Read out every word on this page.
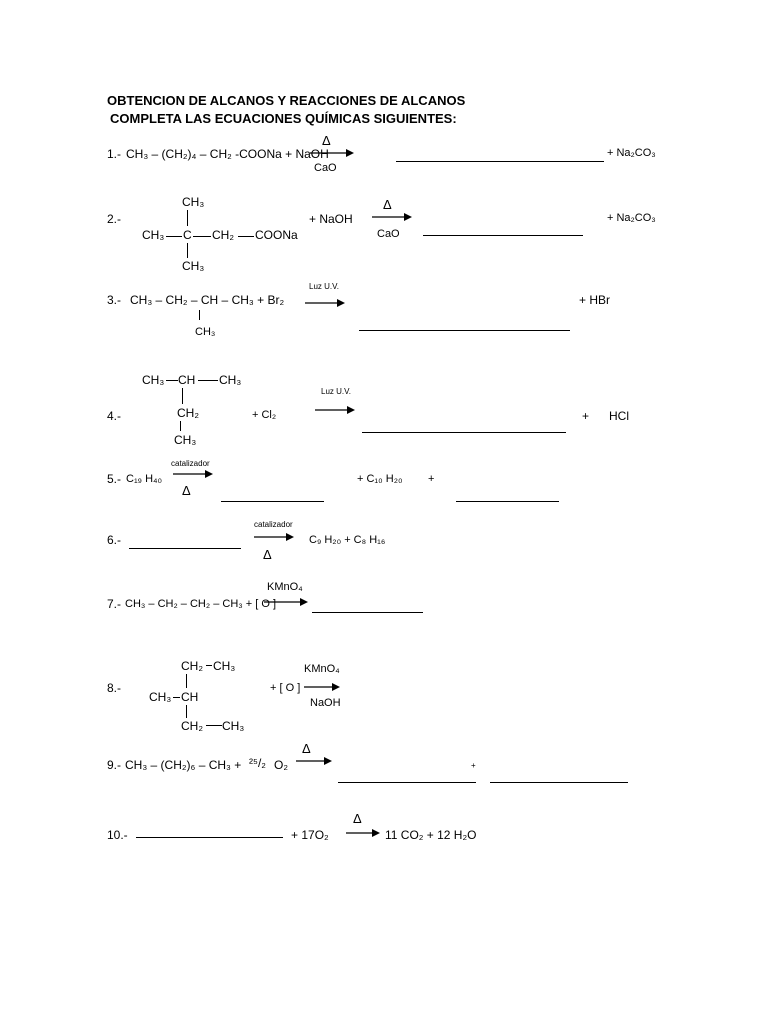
OBTENCION DE ALCANOS Y REACCIONES DE ALCANOS
COMPLETA LAS ECUACIONES QUÍMICAS SIGUIENTES:
1.- CH₃ – (CH₂)₄ – CH₂ -COONa + NaOH
Δ
CaO
+ Na₂CO₃
2.-
CH₃
CH₃ C CH₂ COONa
CH₃
+ NaOH
Δ
CaO
+ Na₂CO₃
3.- CH₃ – CH₂ – CH – CH₃ + Br₂
CH₃
Luz U.V.
+ HBr
CH₃ CH CH₃
4.-	CH₂
CH₃
+ Cl₂
Luz U.V.
+ HCl
5.- C₁₉ H₄₀
catalizador
Δ
+ C₁₀ H₂₀ +
6.-
catalizador
Δ
C₉ H₂₀ + C₈ H₁₆
7.- CH₃ – CH₂ – CH₂ – CH₃ + [ O ]
KMnO₄
CH₂ CH₃
8.-
CH₃ CH
CH₂ CH₃
+ [ O ]
KMnO₄
NaOH
9.- CH₃ – (CH₂)₆ – CH₃ + ²⁵/₂ O₂
Δ
+
10.-	+ 17O₂
Δ
11 CO₂ + 12 H₂O
